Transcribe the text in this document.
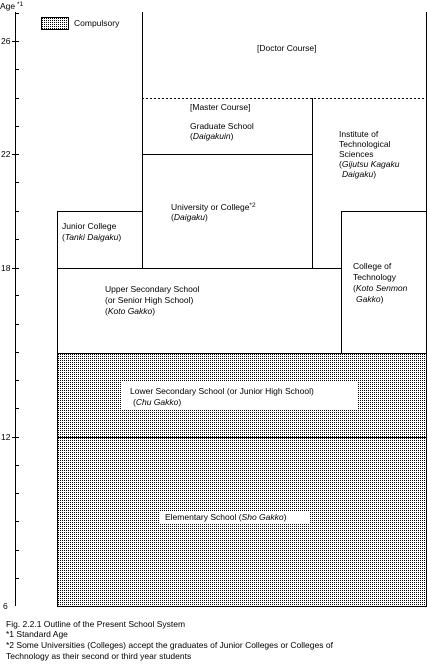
Age *1
26
22
18
12
6
Compulsory
[Doctor Course]
[Master Course]
Graduate School
(Daigakuin)
University or College$^{*2}$
(Daigaku)
Institute of
Technological
Sciences
(Gijutsu Kagaku
Daigaku)
Junior College
(Tanki Daigaku)
College of
Technology
(Koto Senmon
Gakko)
Upper Secondary School
(or Senior High School)
(Koto Gakko)
Lower Secondary School (or Junior High School)
(Chu Gakko)
Elementary School (Sho Gakko)
Fig. 2.2.1 Outline of the Present School System
*1 Standard Age
*2 Some Universities (Colleges) accept the graduates of Junior Colleges or Colleges of
Technology as their second or third year students
